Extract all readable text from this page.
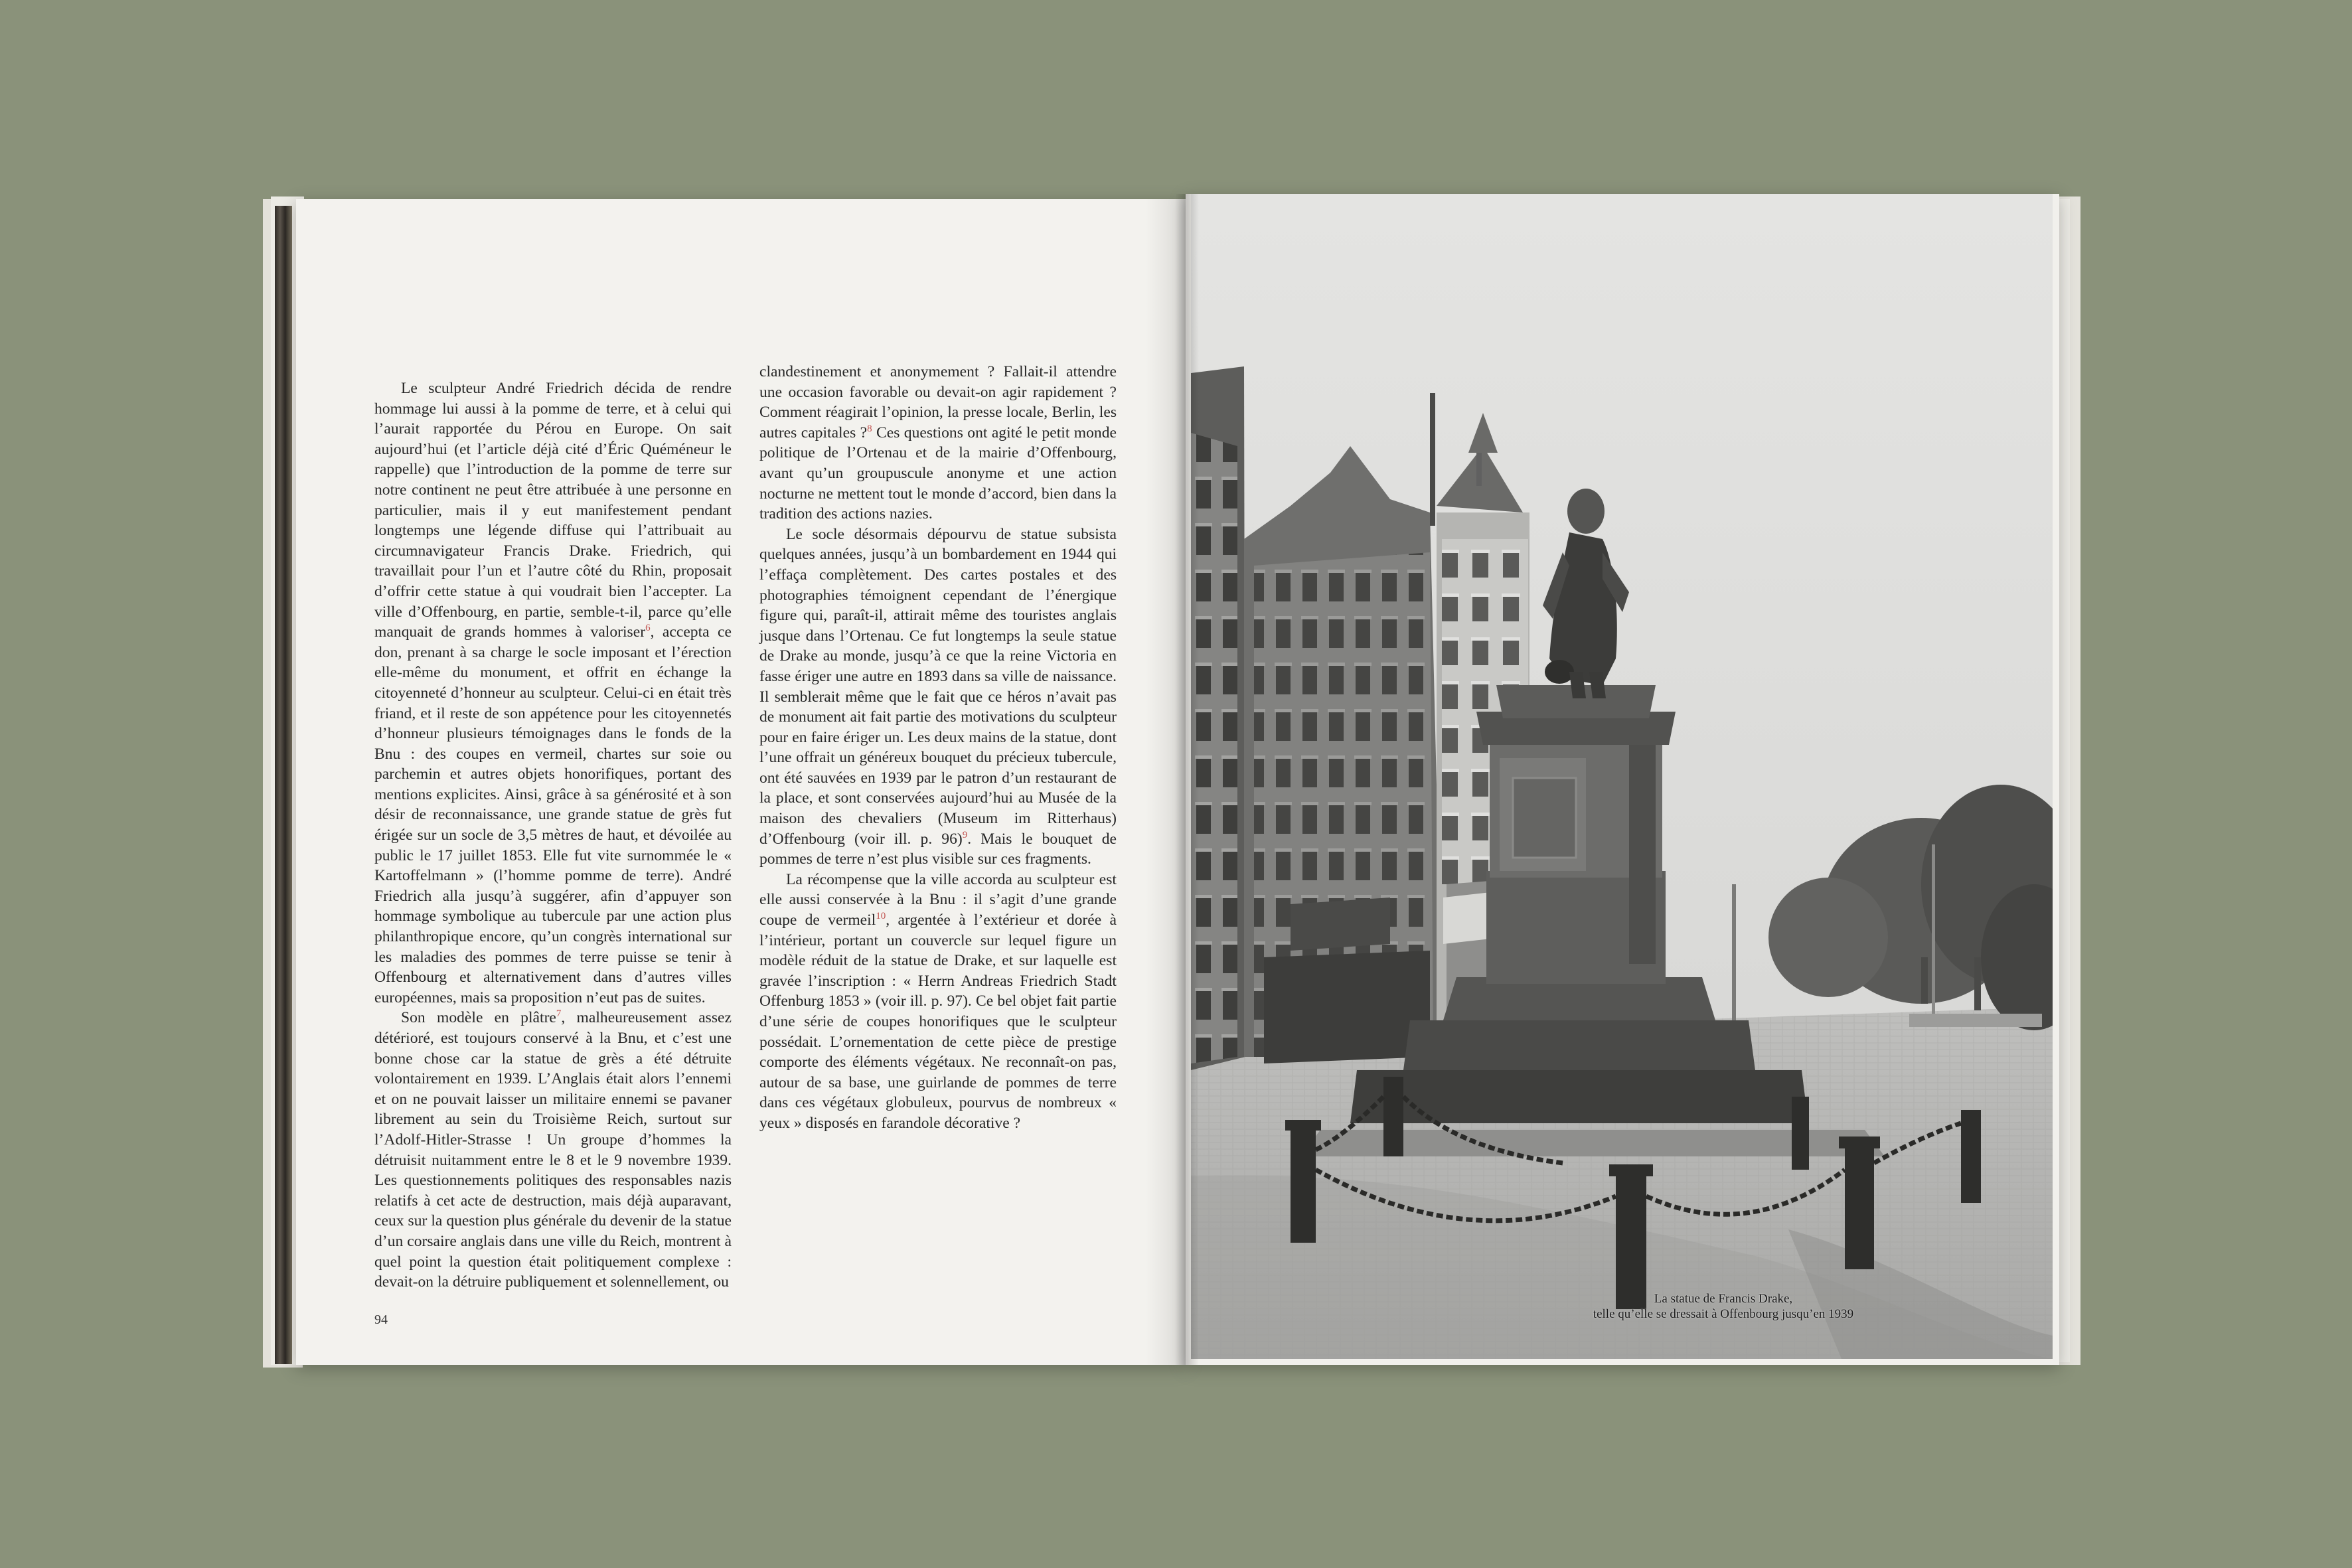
Le sculpteur André Friedrich décida de rendre hommage lui aussi à la pomme de terre, et à celui qui l’aurait rapportée du Pérou en Europe. On sait aujourd’hui (et l’article déjà cité d’Éric Quéméneur le rappelle) que l’introduction de la pomme de terre sur notre continent ne peut être attribuée à une personne en particulier, mais il y eut manifestement pendant longtemps une légende diffuse qui l’attribuait au circumnavigateur Francis Drake. Friedrich, qui travaillait pour l’un et l’autre côté du Rhin, proposait d’offrir cette statue à qui voudrait bien l’accepter. La ville d’Offenbourg, en partie, semble-t-il, parce qu’elle manquait de grands hommes à valoriser$^6$, accepta ce don, prenant à sa charge le socle imposant et l’érection elle-même du monument, et offrit en échange la citoyenneté d’honneur au sculpteur. Celui-ci en était très friand, et il reste de son appétence pour les citoyennetés d’honneur plusieurs témoignages dans le fonds de la Bnu : des coupes en vermeil, chartes sur soie ou parchemin et autres objets honorifiques, portant des mentions explicites. Ainsi, grâce à sa générosité et à son désir de reconnaissance, une grande statue de grès fut érigée sur un socle de 3,5 mètres de haut, et dévoilée au public le 17 juillet 1853. Elle fut vite surnommée le « Kartoffelmann » (l’homme pomme de terre). André Friedrich alla jusqu’à suggérer, afin d’appuyer son hommage symbolique au tubercule par une action plus philanthropique encore, qu’un congrès international sur les maladies des pommes de terre puisse se tenir à Offenbourg et alternativement dans d’autres villes européennes, mais sa proposition n’eut pas de suites.

Son modèle en plâtre$^7$, malheureusement assez détérioré, est toujours conservé à la Bnu, et c’est une bonne chose car la statue de grès a été détruite volontairement en 1939. L’Anglais était alors l’ennemi et on ne pouvait laisser un militaire ennemi se pavaner librement au sein du Troisième Reich, surtout sur l’Adolf-Hitler-Strasse ! Un groupe d’hommes la détruisit nuitamment entre le 8 et le 9 novembre 1939. Les questionnements politiques des responsables nazis relatifs à cet acte de destruction, mais déjà auparavant, ceux sur la question plus générale du devenir de la statue d’un corsaire anglais dans une ville du Reich, montrent à quel point la question était politiquement complexe : devait-on la détruire publiquement et solennellement, ou

clandestinement et anonymement ? Fallait-il attendre une occasion favorable ou devait-on agir rapidement ? Comment réagirait l’opinion, la presse locale, Berlin, les autres capitales ?$^8$ Ces questions ont agité le petit monde politique de l’Ortenau et de la mairie d’Offenbourg, avant qu’un groupuscule anonyme et une action nocturne ne mettent tout le monde d’accord, bien dans la tradition des actions nazies.

Le socle désormais dépourvu de statue subsista quelques années, jusqu’à un bombardement en 1944 qui l’effaça complètement. Des cartes postales et des photographies témoignent cependant de l’énergique figure qui, paraît-il, attirait même des touristes anglais jusque dans l’Ortenau. Ce fut longtemps la seule statue de Drake au monde, jusqu’à ce que la reine Victoria en fasse ériger une autre en 1893 dans sa ville de naissance. Il semblerait même que le fait que ce héros n’avait pas de monument ait fait partie des motivations du sculpteur pour en faire ériger un. Les deux mains de la statue, dont l’une offrait un généreux bouquet du précieux tubercule, ont été sauvées en 1939 par le patron d’un restaurant de la place, et sont conservées aujourd’hui au Musée de la maison des chevaliers (Museum im Ritterhaus) d’Offenbourg (voir ill. p. 96)$^9$. Mais le bouquet de pommes de terre n’est plus visible sur ces fragments.

La récompense que la ville accorda au sculpteur est elle aussi conservée à la Bnu : il s’agit d’une grande coupe de vermeil$^{10}$, argentée à l’extérieur et dorée à l’intérieur, portant un couvercle sur lequel figure un modèle réduit de la statue de Drake, et sur laquelle est gravée l’inscription : « Herrn Andreas Friedrich Stadt Offenburg 1853 » (voir ill. p. 97). Ce bel objet fait partie d’une série de coupes honorifiques que le sculpteur possédait. L’ornementation de cette pièce de prestige comporte des éléments végétaux. Ne reconnaît-on pas, autour de sa base, une guirlande de pommes de terre dans ces végétaux globuleux, pourvus de nombreux « yeux » disposés en farandole décorative ?

94
La statue de Francis Drake,
telle qu’elle se dressait à Offenbourg jusqu’en 1939
